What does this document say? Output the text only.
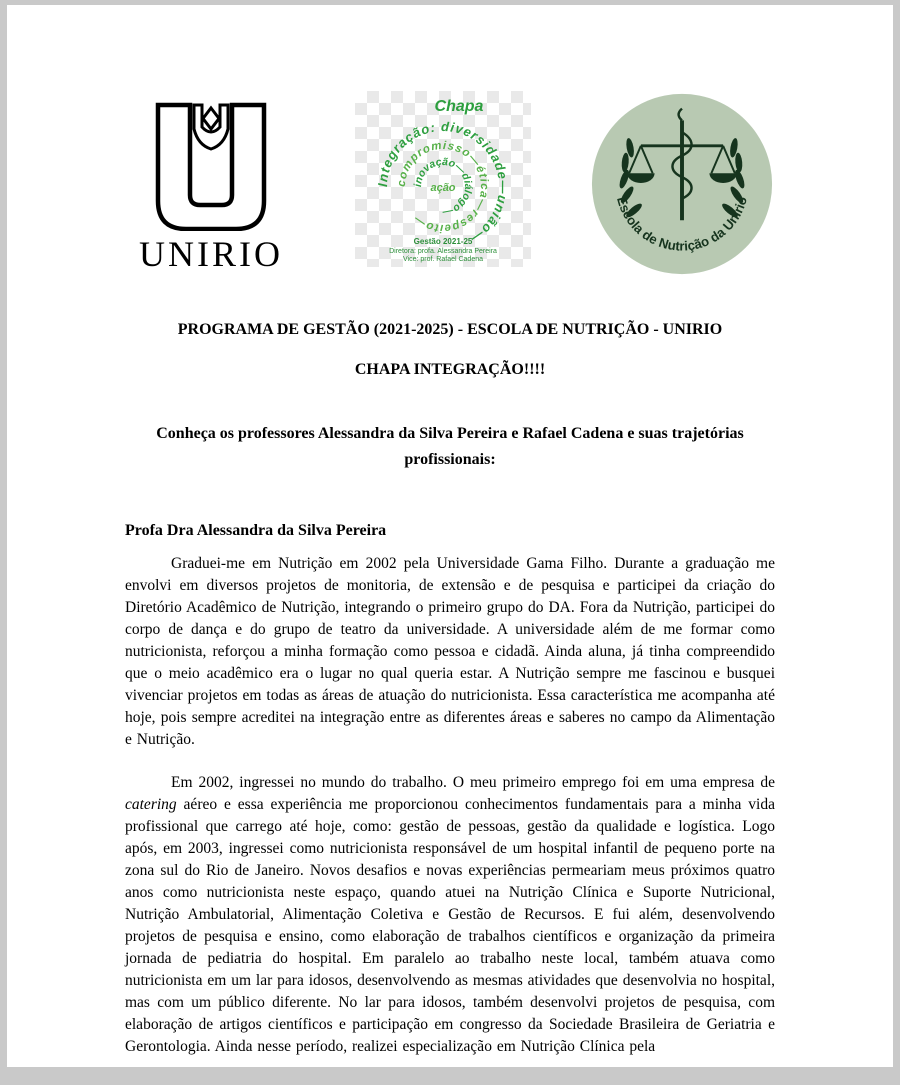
UNIRIO
Chapa
Integração: diversidade—união—
compromisso—ética—respeito—
inovação—diálogo—
ação
Gestão 2021-25
Diretora: profa. Alessandra Pereira
Vice: prof. Rafael Cadena
Escola de Nutrição da Unirio
PROGRAMA DE GESTÃO (2021-2025) - ESCOLA DE NUTRIÇÃO - UNIRIO
CHAPA INTEGRAÇÃO!!!!
Conheça os professores Alessandra da Silva Pereira e Rafael Cadena e suas trajetórias profissionais:
Profa Dra Alessandra da Silva Pereira

Graduei-me em Nutrição em 2002 pela Universidade Gama Filho. Durante a graduação me envolvi em diversos projetos de monitoria, de extensão e de pesquisa e participei da criação do Diretório Acadêmico de Nutrição, integrando o primeiro grupo do DA. Fora da Nutrição, participei do corpo de dança e do grupo de teatro da universidade. A universidade além de me formar como nutricionista, reforçou a minha formação como pessoa e cidadã. Ainda aluna, já tinha compreendido que o meio acadêmico era o lugar no qual queria estar. A Nutrição sempre me fascinou e busquei vivenciar projetos em todas as áreas de atuação do nutricionista. Essa característica me acompanha até hoje, pois sempre acreditei na integração entre as diferentes áreas e saberes no campo da Alimentação e Nutrição.

Em 2002, ingressei no mundo do trabalho. O meu primeiro emprego foi em uma empresa de catering aéreo e essa experiência me proporcionou conhecimentos fundamentais para a minha vida profissional que carrego até hoje, como: gestão de pessoas, gestão da qualidade e logística. Logo após, em 2003, ingressei como nutricionista responsável de um hospital infantil de pequeno porte na zona sul do Rio de Janeiro. Novos desafios e novas experiências permeariam meus próximos quatro anos como nutricionista neste espaço, quando atuei na Nutrição Clínica e Suporte Nutricional, Nutrição Ambulatorial, Alimentação Coletiva e Gestão de Recursos. E fui além, desenvolvendo projetos de pesquisa e ensino, como elaboração de trabalhos científicos e organização da primeira jornada de pediatria do hospital. Em paralelo ao trabalho neste local, também atuava como nutricionista em um lar para idosos, desenvolvendo as mesmas atividades que desenvolvia no hospital, mas com um público diferente. No lar para idosos, também desenvolvi projetos de pesquisa, com elaboração de artigos científicos e participação em congresso da Sociedade Brasileira de Geriatria e Gerontologia. Ainda nesse período, realizei especialização em Nutrição Clínica pela
